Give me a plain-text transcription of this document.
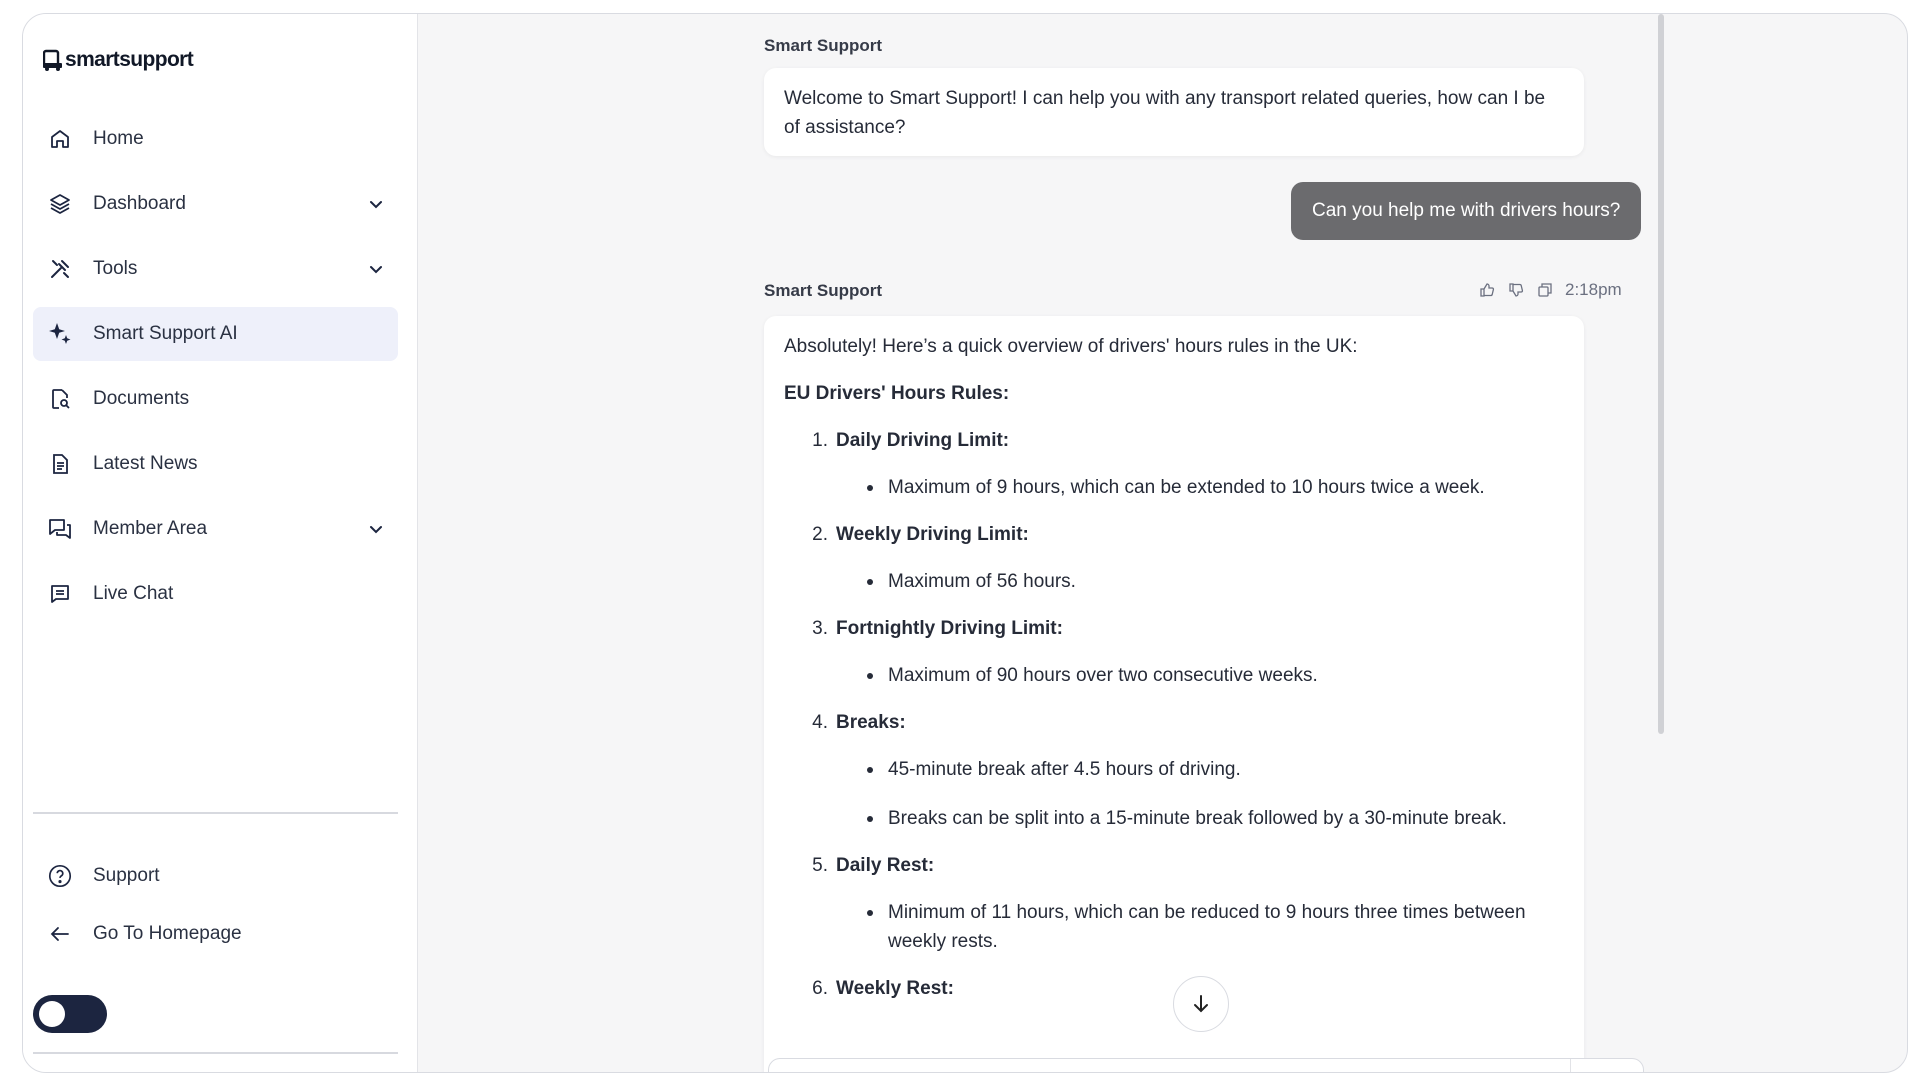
smartsupport
Home
Dashboard
Tools
Smart Support AI
Documents
Latest News
Member Area
Live Chat
Support
Go To Homepage
Smart Support
Welcome to Smart Support! I can help you with any transport related queries, how can I be of assistance?
Can you help me with drivers hours?
Smart Support	2:18pm

Absolutely! Here’s a quick overview of drivers' hours rules in the UK:

EU Drivers' Hours Rules:
1. Daily Driving Limit:
Maximum of 9 hours, which can be extended to 10 hours twice a week.
2. Weekly Driving Limit:
Maximum of 56 hours.
3. Fortnightly Driving Limit:
Maximum of 90 hours over two consecutive weeks.
4. Breaks:
45-minute break after 4.5 hours of driving.
Breaks can be split into a 15-minute break followed by a 30-minute break.
5. Daily Rest:
Minimum of 11 hours, which can be reduced to 9 hours three times between weekly rests.
6. Weekly Rest:
